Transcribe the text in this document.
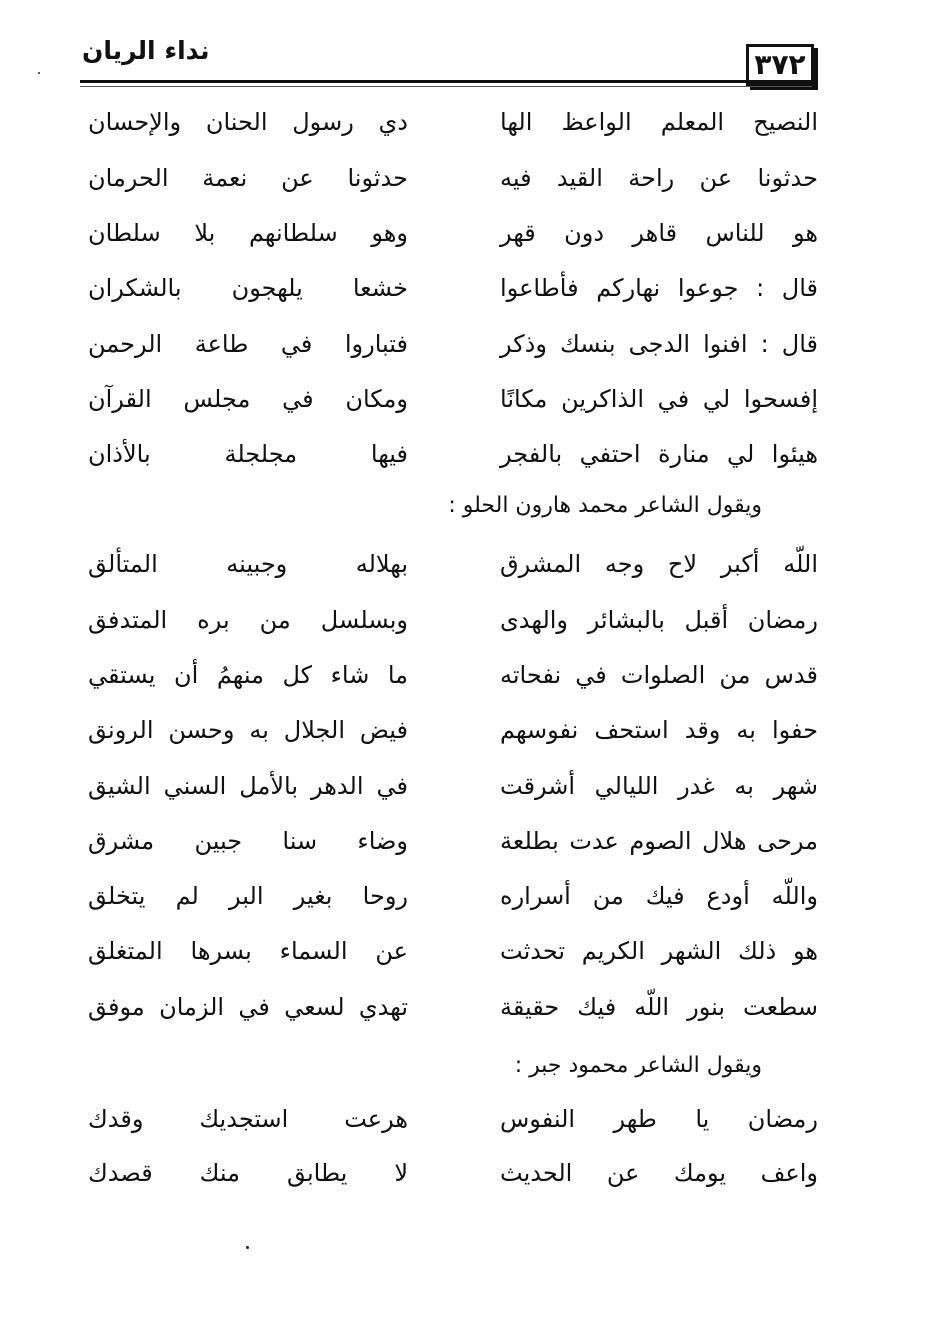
٣٧٢
نداء الريان
النصيح المعلم الواعظ الها
دي رسول الحنان والإحسان
حدثونا عن راحة القيد فيه
حدثونا عن نعمة الحرمان
هو للناس قاهر دون قهر
وهو سلطانهم بلا سلطان
قال : جوعوا نهاركم فأطاعوا
خشعا يلهجون بالشكران
قال : افنوا الدجى بنسك وذكر
فتباروا في طاعة الرحمن
إفسحوا لي في الذاكرين مكانًا
ومكان في مجلس القرآن
هيئوا لي منارة احتفي بالفجر
فيها مجلجلة بالأذان
ويقول الشاعر محمد هارون الحلو :
اللّه أكبر لاح وجه المشرق
بهلاله وجبينه المتألق
رمضان أقبل بالبشائر والهدى
وبسلسل من بره المتدفق
قدس من الصلوات في نفحاته
ما شاء كل منهمُ أن يستقي
حفوا به وقد استحف نفوسهم
فيض الجلال به وحسن الرونق
شهر به غدر الليالي أشرقت
في الدهر بالأمل السني الشيق
مرحى هلال الصوم عدت بطلعة
وضاء سنا جبين مشرق
واللّه أودع فيك من أسراره
روحا بغير البر لم يتخلق
هو ذلك الشهر الكريم تحدثت
عن السماء بسرها المتغلق
سطعت بنور اللّه فيك حقيقة
تهدي لسعي في الزمان موفق
ويقول الشاعر محمود جبر :
رمضان يا طهر النفوس
هرعت استجديك وقدك
واعف يومك عن الحديث
لا يطابق منك قصدك
